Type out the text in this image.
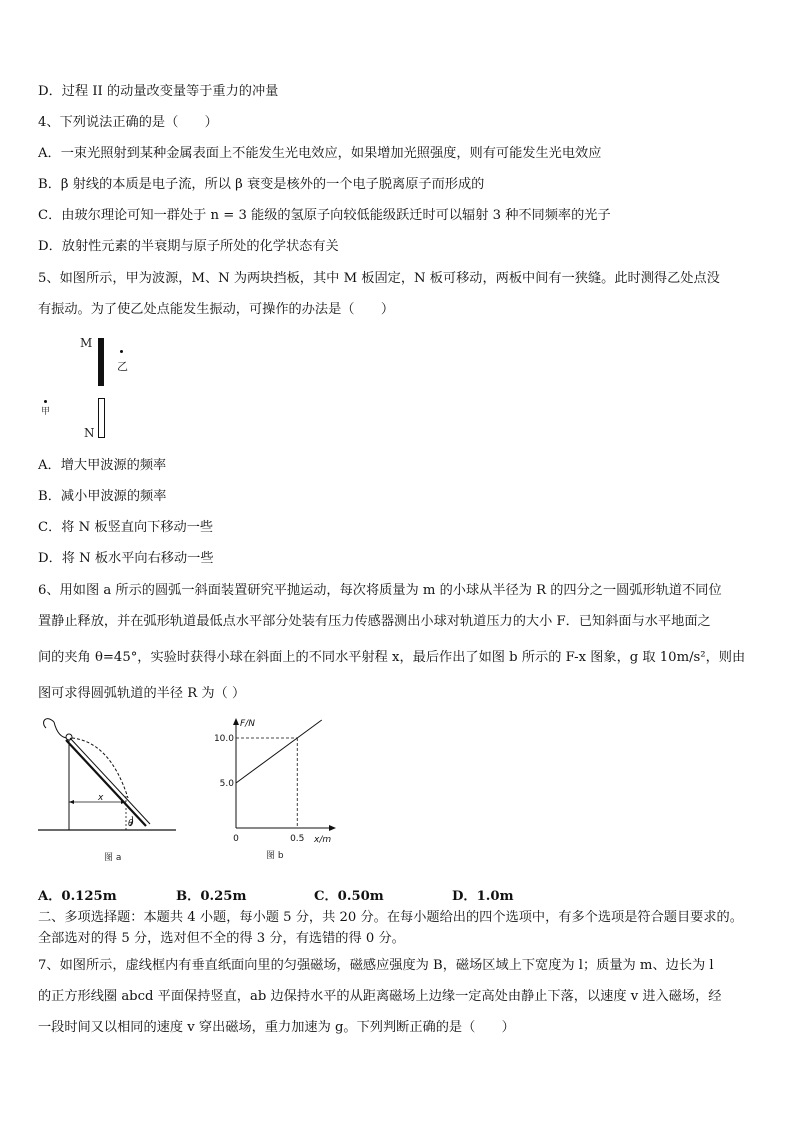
D．过程 II 的动量改变量等于重力的冲量
4、下列说法正确的是（　　）
A．一束光照射到某种金属表面上不能发生光电效应，如果增加光照强度，则有可能发生光电效应
B．β 射线的本质是电子流，所以 β 衰变是核外的一个电子脱离原子而形成的
C．由玻尔理论可知一群处于 n = 3 能级的氢原子向较低能级跃迁时可以辐射 3 种不同频率的光子
D．放射性元素的半衰期与原子所处的化学状态有关
5、如图所示，甲为波源，M、N 为两块挡板，其中 M 板固定，N 板可移动，两板中间有一狭缝。此时测得乙处点没
有振动。为了使乙处点能发生振动，可操作的办法是（　　）
M
乙
甲
N
A．增大甲波源的频率
B．减小甲波源的频率
C．将 N 板竖直向下移动一些
D．将 N 板水平向右移动一些
6、用如图 a 所示的圆弧一斜面装置研究平抛运动，每次将质量为 m 的小球从半径为 R 的四分之一圆弧形轨道不同位
置静止释放，并在弧形轨道最低点水平部分处装有压力传感器测出小球对轨道压力的大小 F．已知斜面与水平地面之
间的夹角 θ=45°，实验时获得小球在斜面上的不同水平射程 x，最后作出了如图 b 所示的 F-x 图象，g 取 10m/s²，则由
图可求得圆弧轨道的半径 R 为（ ）
x
θ
图 a
F/N
x/m
10.0
5.0
0	0.5
图 b
A．0.125m	B．0.25m	C．0.50m	D．1.0m
二、多项选择题：本题共 4 小题，每小题 5 分，共 20 分。在每小题给出的四个选项中，有多个选项是符合题目要求的。
全部选对的得 5 分，选对但不全的得 3 分，有选错的得 0 分。
7、如图所示，虚线框内有垂直纸面向里的匀强磁场，磁感应强度为 B，磁场区域上下宽度为 l；质量为 m、边长为 l
的正方形线圈 abcd 平面保持竖直，ab 边保持水平的从距离磁场上边缘一定高处由静止下落，以速度 v 进入磁场，经
一段时间又以相同的速度 v 穿出磁场，重力加速为 g。下列判断正确的是（　　）
